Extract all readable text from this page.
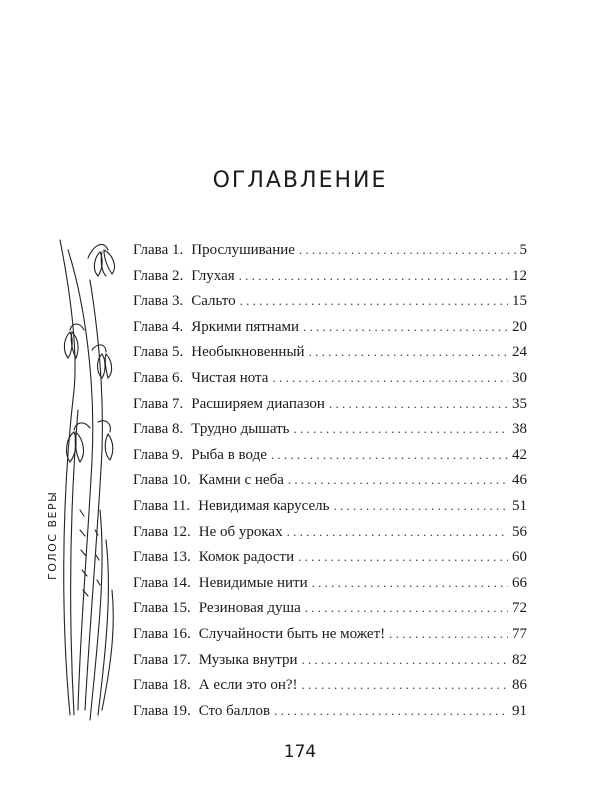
ОГЛАВЛЕНИЕ
ГОЛОС ВЕРЫ
Глава 1. Прослушивание . . .	5
Глава 2. Глухая . . .	12
Глава 3. Сальто . . .	15
Глава 4. Яркими пятнами . . .	20
Глава 5. Необыкновенный . . .	24
Глава 6. Чистая нота . . .	30
Глава 7. Расширяем диапазон . . .	35
Глава 8. Трудно дышать . . .	38
Глава 9. Рыба в воде . . .	42
Глава 10. Камни с неба . . .	46
Глава 11. Невидимая карусель . . .	51
Глава 12. Не об уроках . . .	56
Глава 13. Комок радости . . .	60
Глава 14. Невидимые нити . . .	66
Глава 15. Резиновая душа . . .	72
Глава 16. Случайности быть не может! . . .	77
Глава 17. Музыка внутри . . .	82
Глава 18. А если это он?! . . .	86
Глава 19. Сто баллов . . .	91
174
